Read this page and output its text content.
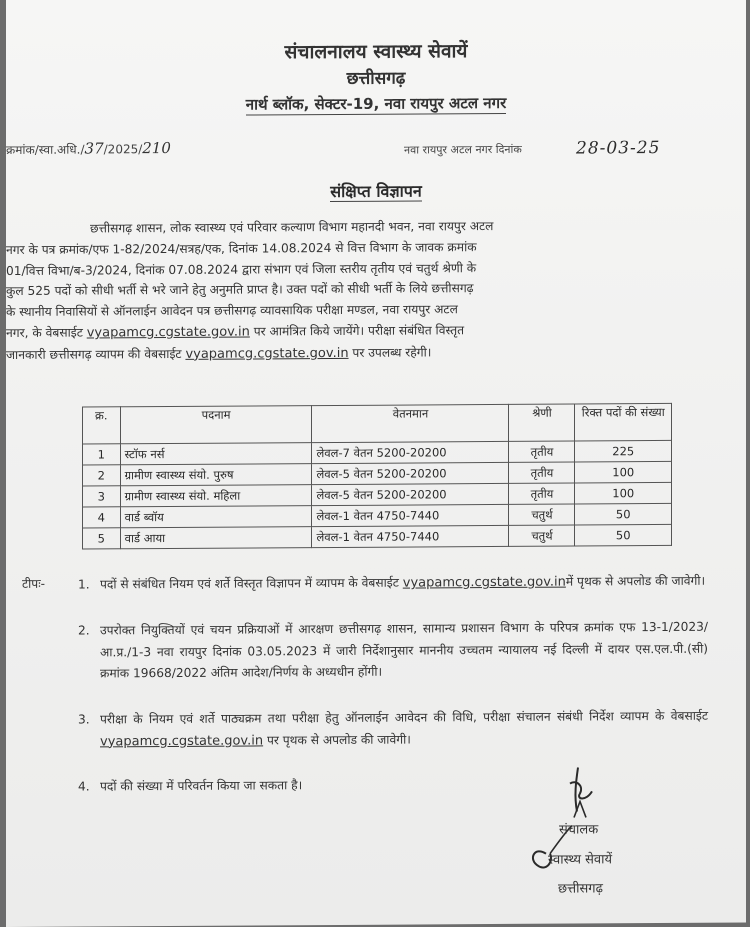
संचालनालय स्वास्थ्य सेवायें
छत्तीसगढ़
नार्थ ब्लॉक, सेक्टर-19, नवा रायपुर अटल नगर
क्रमांक/स्वा.अधि./37/2025/210	नवा रायपुर अटल नगर दिनांक	28-03-25
संक्षिप्त विज्ञापन
छत्तीसगढ़ शासन, लोक स्वास्थ्य एवं परिवार कल्याण विभाग महानदी भवन, नवा रायपुर अटल
नगर के पत्र क्रमांक/एफ 1-82/2024/सत्रह/एक, दिनांक 14.08.2024 से वित्त विभाग के जावक क्रमांक
01/वित्त विभा/ब-3/2024, दिनांक 07.08.2024 द्वारा संभाग एवं जिला स्तरीय तृतीय एवं चतुर्थ श्रेणी के
कुल 525 पदों को सीधी भर्ती से भरे जाने हेतु अनुमति प्राप्त है। उक्त पदों को सीधी भर्ती के लिये छत्तीसगढ़
के स्थानीय निवासियों से ऑनलाईन आवेदन पत्र छत्तीसगढ़ व्यावसायिक परीक्षा मण्डल, नवा रायपुर अटल
नगर, के वेबसाईट vyapamcg.cgstate.gov.in पर आमंत्रित किये जायेंगे। परीक्षा संबंधित विस्तृत
जानकारी छत्तीसगढ़ व्यापम की वेबसाईट vyapamcg.cgstate.gov.in पर उपलब्ध रहेगी।
क्र.	पदनाम	वेतनमान	श्रेणी	रिक्त पदों की संख्या
1	स्टॉफ नर्स	लेवल-7 वेतन 5200-20200	तृतीय	225
2	ग्रामीण स्वास्थ्य संयो. पुरुष	लेवल-5 वेतन 5200-20200	तृतीय	100
3	ग्रामीण स्वास्थ्य संयो. महिला	लेवल-5 वेतन 5200-20200	तृतीय	100
4	वार्ड ब्वॉय	लेवल-1 वेतन 4750-7440	चतुर्थ	50
5	वार्ड आया	लेवल-1 वेतन 4750-7440	चतुर्थ	50
टीपः-	1. पदों से संबंधित नियम एवं शर्ते विस्तृत विज्ञापन में व्यापम के वेबसाईट vyapamcg.cgstate.gov.inमें पृथक से अपलोड की जावेगी।
2. उपरोक्त नियुक्तियों एवं चयन प्रक्रियाओं में आरक्षण छत्तीसगढ़ शासन, सामान्य प्रशासन विभाग के परिपत्र क्रमांक एफ 13-1/2023/आ.प्र./1-3 नवा रायपुर दिनांक 03.05.2023 में जारी निर्देशानुसार माननीय उच्चतम न्यायालय नई दिल्ली में दायर एस.एल.पी.(सी) क्रमांक 19668/2022 अंतिम आदेश/निर्णय के अध्यधीन होंगी।
3. परीक्षा के नियम एवं शर्ते पाठ्यक्रम तथा परीक्षा हेतु ऑनलाईन आवेदन की विधि, परीक्षा संचालन संबंधी निर्देश व्यापम के वेबसाईट vyapamcg.cgstate.gov.in पर पृथक से अपलोड की जावेगी।
4. पदों की संख्या में परिवर्तन किया जा सकता है।
संचालक
स्वास्थ्य सेवायें
छत्तीसगढ़
